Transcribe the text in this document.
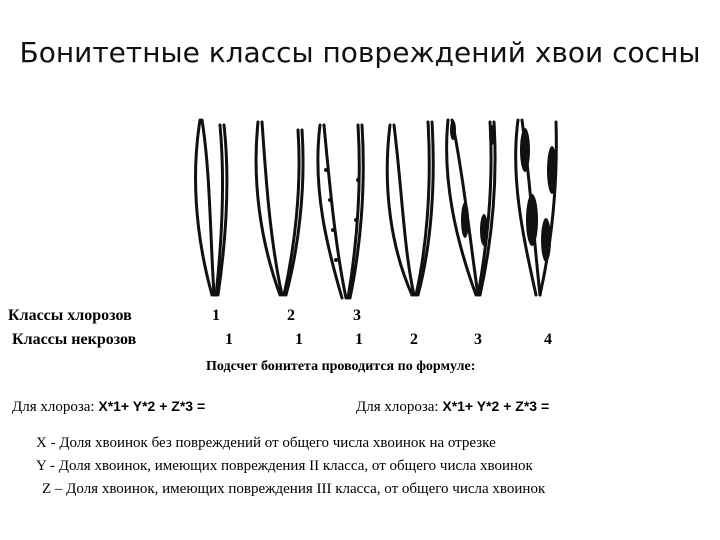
Бонитетные классы повреждений хвои сосны
Классы хлорозов	1	2	3
Классы некрозов	1	1	1	2	3	4
Подсчет бонитета проводится по формуле:
Для хлороза: X*1+ Y*2 + Z*3 =	Для хлороза: X*1+ Y*2 + Z*3 =
X - Доля хвоинок без повреждений от общего числа хвоинок на отрезке
Y - Доля хвоинок, имеющих повреждения II класса, от общего числа хвоинок
Z – Доля хвоинок, имеющих повреждения III класса, от общего числа хвоинок
